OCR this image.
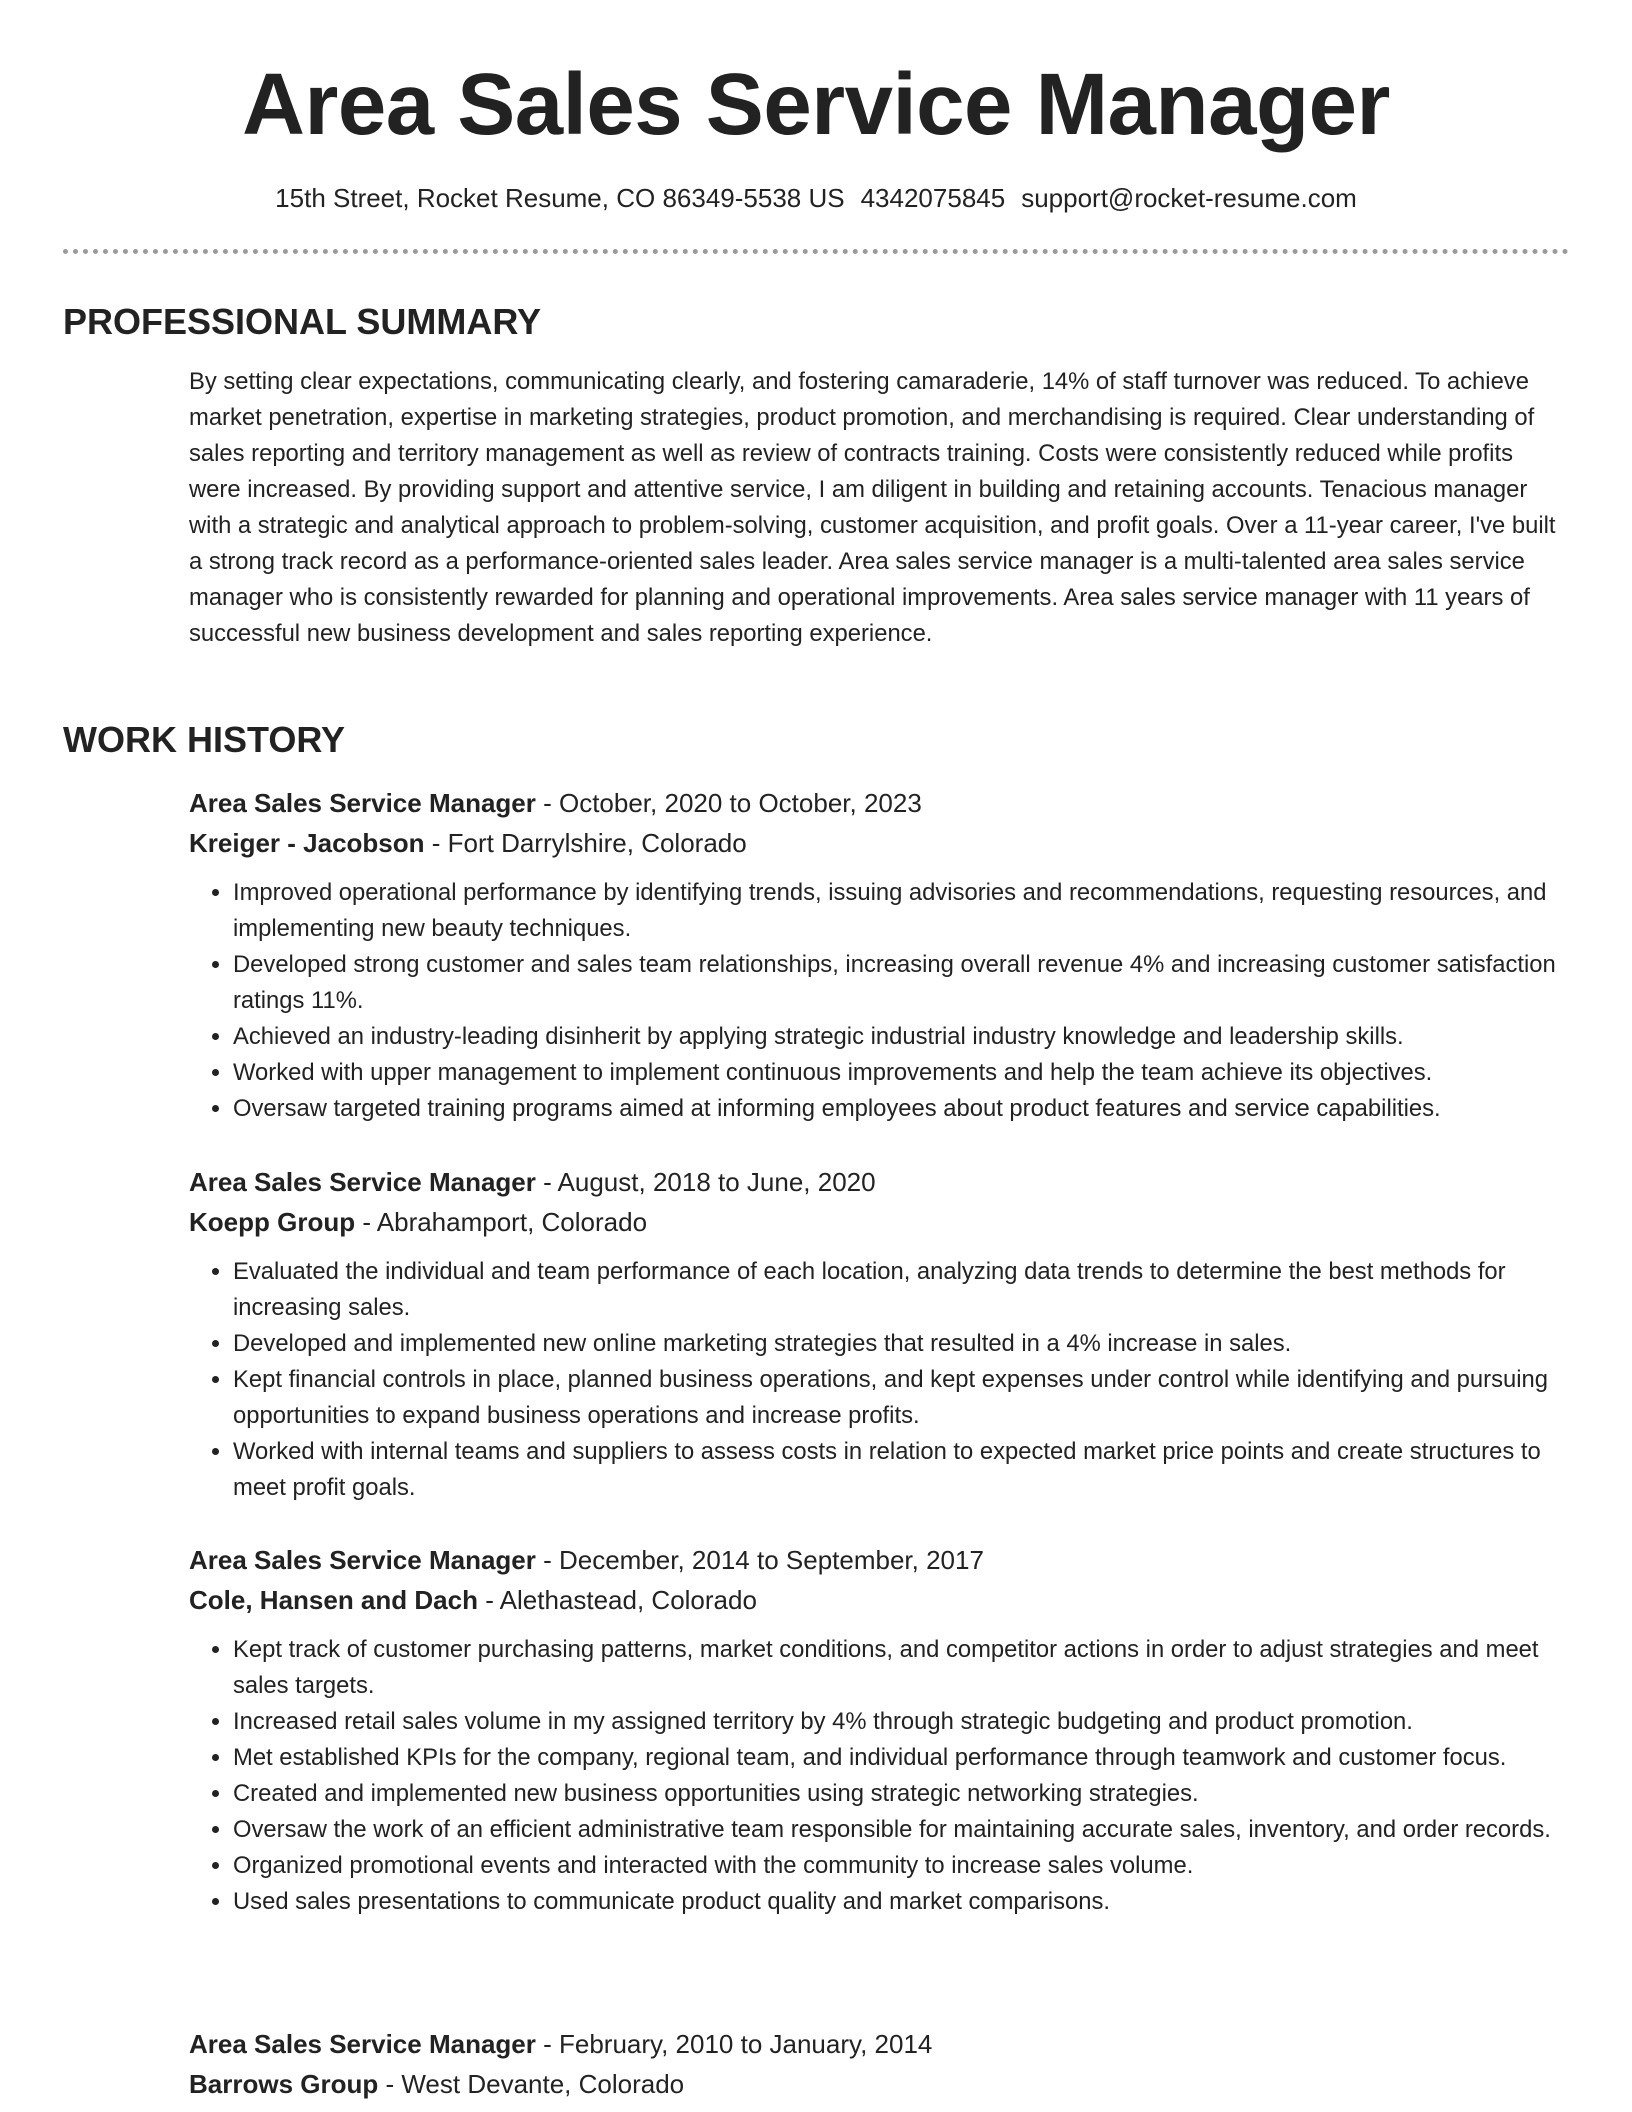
Area Sales Service Manager
15th Street, Rocket Resume, CO 86349-5538 US 4342075845 support@rocket-resume.com
PROFESSIONAL SUMMARY

By setting clear expectations, communicating clearly, and fostering camaraderie, 14% of staff turnover was reduced. To achieve market penetration, expertise in marketing strategies, product promotion, and merchandising is required. Clear understanding of sales reporting and territory management as well as review of contracts training. Costs were consistently reduced while profits were increased. By providing support and attentive service, I am diligent in building and retaining accounts. Tenacious manager with a strategic and analytical approach to problem-solving, customer acquisition, and profit goals. Over a 11-year career, I've built a strong track record as a performance-oriented sales leader. Area sales service manager is a multi-talented area sales service manager who is consistently rewarded for planning and operational improvements. Area sales service manager with 11 years of successful new business development and sales reporting experience.

WORK HISTORY

Area Sales Service Manager - October, 2020 to October, 2023

Kreiger - Jacobson - Fort Darrylshire, Colorado

• Improved operational performance by identifying trends, issuing advisories and recommendations, requesting resources, and implementing new beauty techniques.
• Developed strong customer and sales team relationships, increasing overall revenue 4% and increasing customer satisfaction ratings 11%.
• Achieved an industry-leading disinherit by applying strategic industrial industry knowledge and leadership skills.
• Worked with upper management to implement continuous improvements and help the team achieve its objectives.
• Oversaw targeted training programs aimed at informing employees about product features and service capabilities.

Area Sales Service Manager - August, 2018 to June, 2020

Koepp Group - Abrahamport, Colorado

• Evaluated the individual and team performance of each location, analyzing data trends to determine the best methods for increasing sales.
• Developed and implemented new online marketing strategies that resulted in a 4% increase in sales.
• Kept financial controls in place, planned business operations, and kept expenses under control while identifying and pursuing opportunities to expand business operations and increase profits.
• Worked with internal teams and suppliers to assess costs in relation to expected market price points and create structures to meet profit goals.

Area Sales Service Manager - December, 2014 to September, 2017

Cole, Hansen and Dach - Alethastead, Colorado

• Kept track of customer purchasing patterns, market conditions, and competitor actions in order to adjust strategies and meet sales targets.
• Increased retail sales volume in my assigned territory by 4% through strategic budgeting and product promotion.
• Met established KPIs for the company, regional team, and individual performance through teamwork and customer focus.
• Created and implemented new business opportunities using strategic networking strategies.
• Oversaw the work of an efficient administrative team responsible for maintaining accurate sales, inventory, and order records.
• Organized promotional events and interacted with the community to increase sales volume.
• Used sales presentations to communicate product quality and market comparisons.

Area Sales Service Manager - February, 2010 to January, 2014

Barrows Group - West Devante, Colorado
